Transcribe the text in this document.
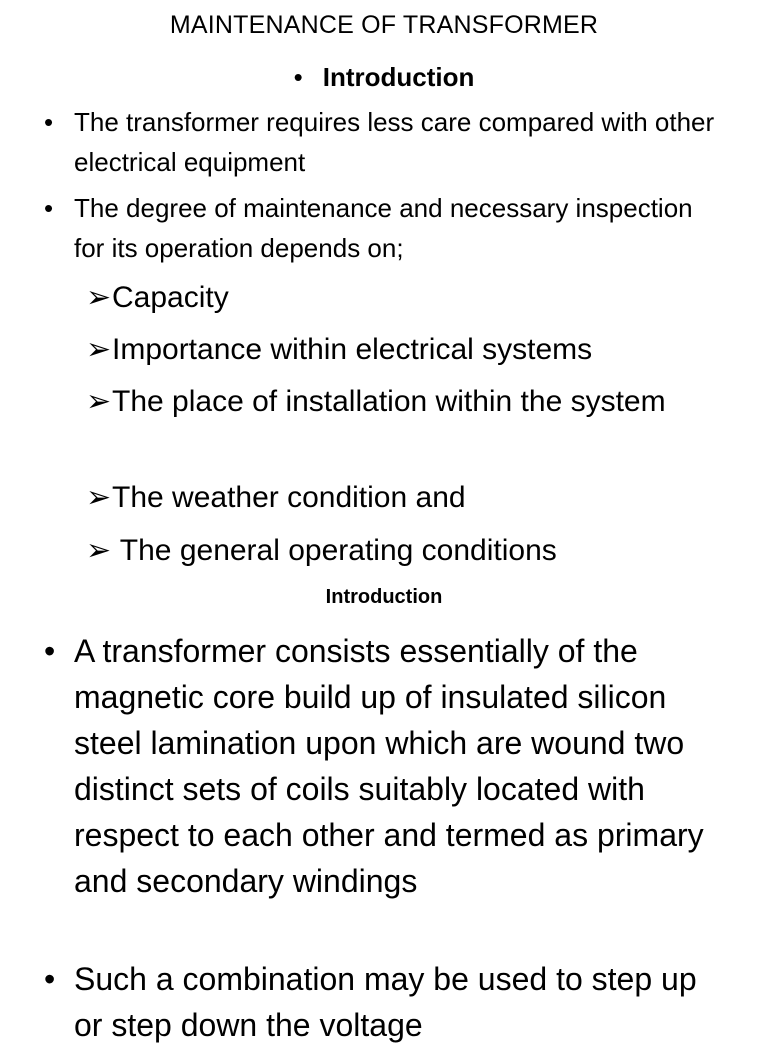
MAINTENANCE OF TRANSFORMER
• Introduction
• The transformer requires less care compared with other electrical equipment
• The degree of maintenance and necessary inspection for its operation depends on;
➢Capacity
➢Importance within electrical systems
➢The place of installation within the system
➢The weather condition and
➢ The general operating conditions
Introduction
• A transformer consists essentially of the magnetic core build up of insulated silicon steel lamination upon which are wound two distinct sets of coils suitably located with respect to each other and termed as primary and secondary windings
• Such a combination may be used to step up or step down the voltage
